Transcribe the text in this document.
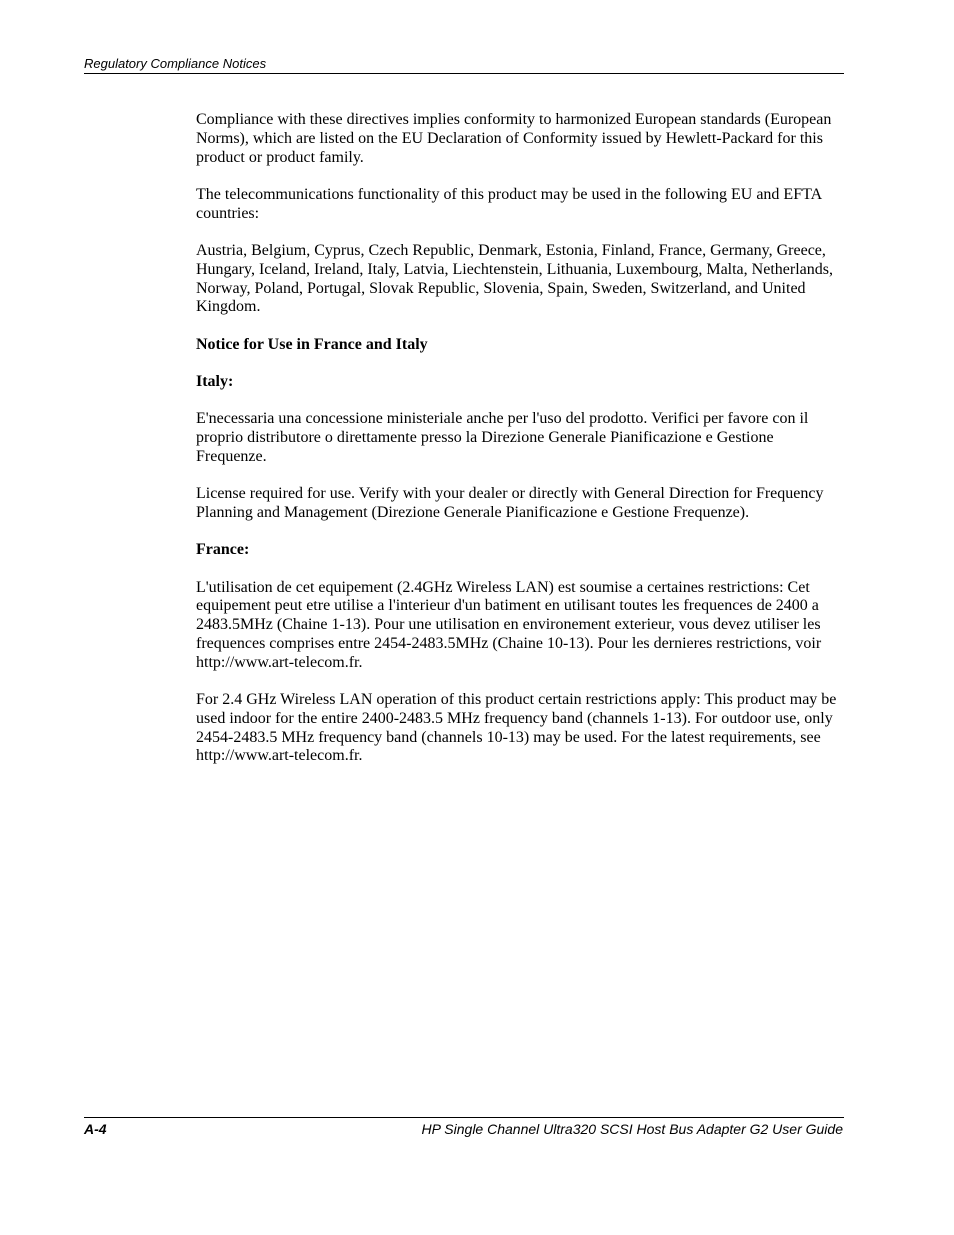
Regulatory Compliance Notices

Compliance with these directives implies conformity to harmonized European standards (European Norms), which are listed on the EU Declaration of Conformity issued by Hewlett-Packard for this product or product family.

The telecommunications functionality of this product may be used in the following EU and EFTA countries:

Austria, Belgium, Cyprus, Czech Republic, Denmark, Estonia, Finland, France, Germany, Greece, Hungary, Iceland, Ireland, Italy, Latvia, Liechtenstein, Lithuania, Luxembourg, Malta, Netherlands, Norway, Poland, Portugal, Slovak Republic, Slovenia, Spain, Sweden, Switzerland, and United Kingdom.

Notice for Use in France and Italy

Italy:

E'necessaria una concessione ministeriale anche per l'uso del prodotto. Verifici per favore con il proprio distributore o direttamente presso la Direzione Generale Pianificazione e Gestione Frequenze.

License required for use. Verify with your dealer or directly with General Direction for Frequency Planning and Management (Direzione Generale Pianificazione e Gestione Frequenze).

France:

L'utilisation de cet equipement (2.4GHz Wireless LAN) est soumise a certaines restrictions: Cet equipement peut etre utilise a l'interieur d'un batiment en utilisant toutes les frequences de 2400 a 2483.5MHz (Chaine 1-13). Pour une utilisation en environement exterieur, vous devez utiliser les frequences comprises entre 2454-2483.5MHz (Chaine 10-13). Pour les dernieres restrictions, voir http://www.art-telecom.fr.

For 2.4 GHz Wireless LAN operation of this product certain restrictions apply: This product may be used indoor for the entire 2400-2483.5 MHz frequency band (channels 1-13). For outdoor use, only 2454-2483.5 MHz frequency band (channels 10-13) may be used. For the latest requirements, see http://www.art-telecom.fr.

A-4	HP Single Channel Ultra320 SCSI Host Bus Adapter G2 User Guide
